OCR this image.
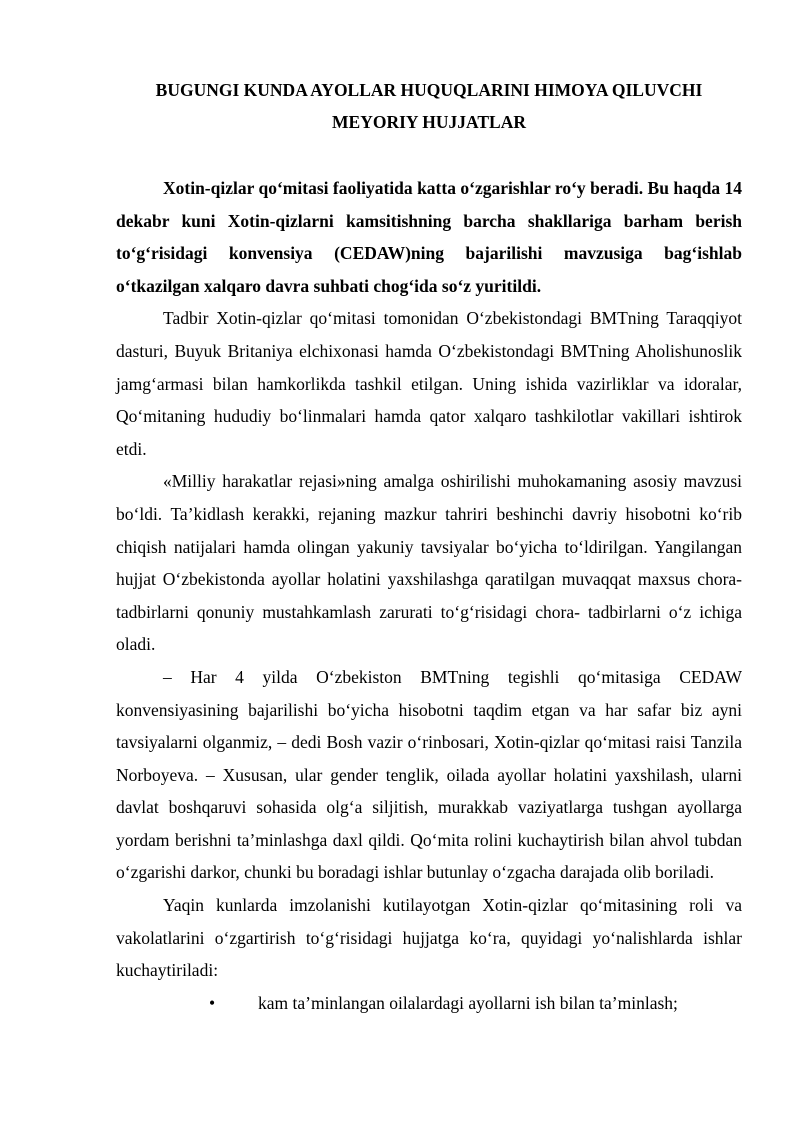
BUGUNGI KUNDA AYOLLAR HUQUQLARINI HIMOYA QILUVCHI
MEYORIY HUJJATLAR

Xotin-qizlar qo‘mitasi faoliyatida katta o‘zgarishlar ro‘y beradi. Bu haqda 14 dekabr kuni Xotin-qizlarni kamsitishning barcha shakllariga barham berish to‘g‘risidagi konvensiya (CEDAW)ning bajarilishi mavzusiga bag‘ishlab o‘tkazilgan xalqaro davra suhbati chog‘ida so‘z yuritildi.

Tadbir Xotin-qizlar qo‘mitasi tomonidan O‘zbekistondagi BMTning Taraqqiyot dasturi, Buyuk Britaniya elchixonasi hamda O‘zbekistondagi BMTning Aholishunoslik jamg‘armasi bilan hamkorlikda tashkil etilgan. Uning ishida vazirliklar va idoralar, Qo‘mitaning hududiy bo‘linmalari hamda qator xalqaro tashkilotlar vakillari ishtirok etdi.

«Milliy harakatlar rejasi»ning amalga oshirilishi muhokamaning asosiy mavzusi bo‘ldi. Ta’kidlash kerakki, rejaning mazkur tahriri beshinchi davriy hisobotni ko‘rib chiqish natijalari hamda olingan yakuniy tavsiyalar bo‘yicha to‘ldirilgan. Yangilangan hujjat O‘zbekistonda ayollar holatini yaxshilashga qaratilgan muvaqqat maxsus chora-tadbirlarni qonuniy mustahkamlash zarurati to‘g‘risidagi chora- tadbirlarni o‘z ichiga oladi.

– Har 4 yilda O‘zbekiston BMTning tegishli qo‘mitasiga CEDAW konvensiyasining bajarilishi bo‘yicha hisobotni taqdim etgan va har safar biz ayni tavsiyalarni olganmiz, – dedi Bosh vazir o‘rinbosari, Xotin-qizlar qo‘mitasi raisi Tanzila Norboyeva. – Xususan, ular gender tenglik, oilada ayollar holatini yaxshilash, ularni davlat boshqaruvi sohasida olg‘a siljitish, murakkab vaziyatlarga tushgan ayollarga yordam berishni ta’minlashga daxl qildi. Qo‘mita rolini kuchaytirish bilan ahvol tubdan o‘zgarishi darkor, chunki bu boradagi ishlar butunlay o‘zgacha darajada olib boriladi.

Yaqin kunlarda imzolanishi kutilayotgan Xotin-qizlar qo‘mitasining roli va vakolatlarini o‘zgartirish to‘g‘risidagi hujjatga ko‘ra, quyidagi yo‘nalishlarda ishlar kuchaytiriladi:

• kam ta’minlangan oilalardagi ayollarni ish bilan ta’minlash;
